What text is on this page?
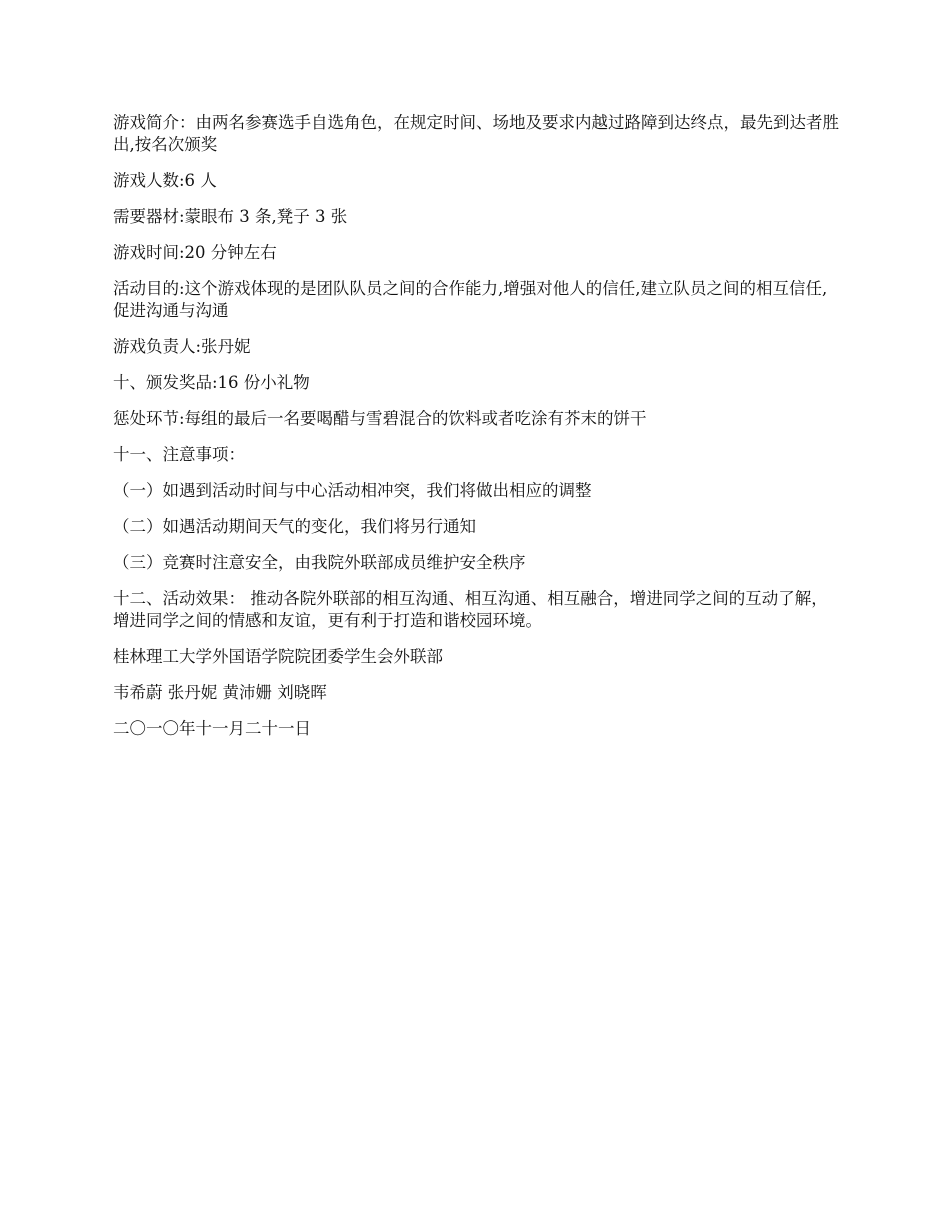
游戏简介：由两名参赛选手自选角色，在规定时间、场地及要求内越过路障到达终点，最先到达者胜出,按名次颁奖

游戏人数:6 人

需要器材:蒙眼布 3 条,凳子 3 张

游戏时间:20 分钟左右

活动目的:这个游戏体现的是团队队员之间的合作能力,增强对他人的信任,建立队员之间的相互信任,促进沟通与沟通

游戏负责人:张丹妮

十、颁发奖品:16 份小礼物

惩处环节:每组的最后一名要喝醋与雪碧混合的饮料或者吃涂有芥末的饼干

十一、注意事项：

（一）如遇到活动时间与中心活动相冲突，我们将做出相应的调整

（二）如遇活动期间天气的变化，我们将另行通知

（三）竞赛时注意安全，由我院外联部成员维护安全秩序

十二、活动效果： 推动各院外联部的相互沟通、相互沟通、相互融合，增进同学之间的互动了解，增进同学之间的情感和友谊，更有利于打造和谐校园环境。

桂林理工大学外国语学院院团委学生会外联部

韦希蔚 张丹妮 黄沛姗 刘晓晖

二〇一〇年十一月二十一日
